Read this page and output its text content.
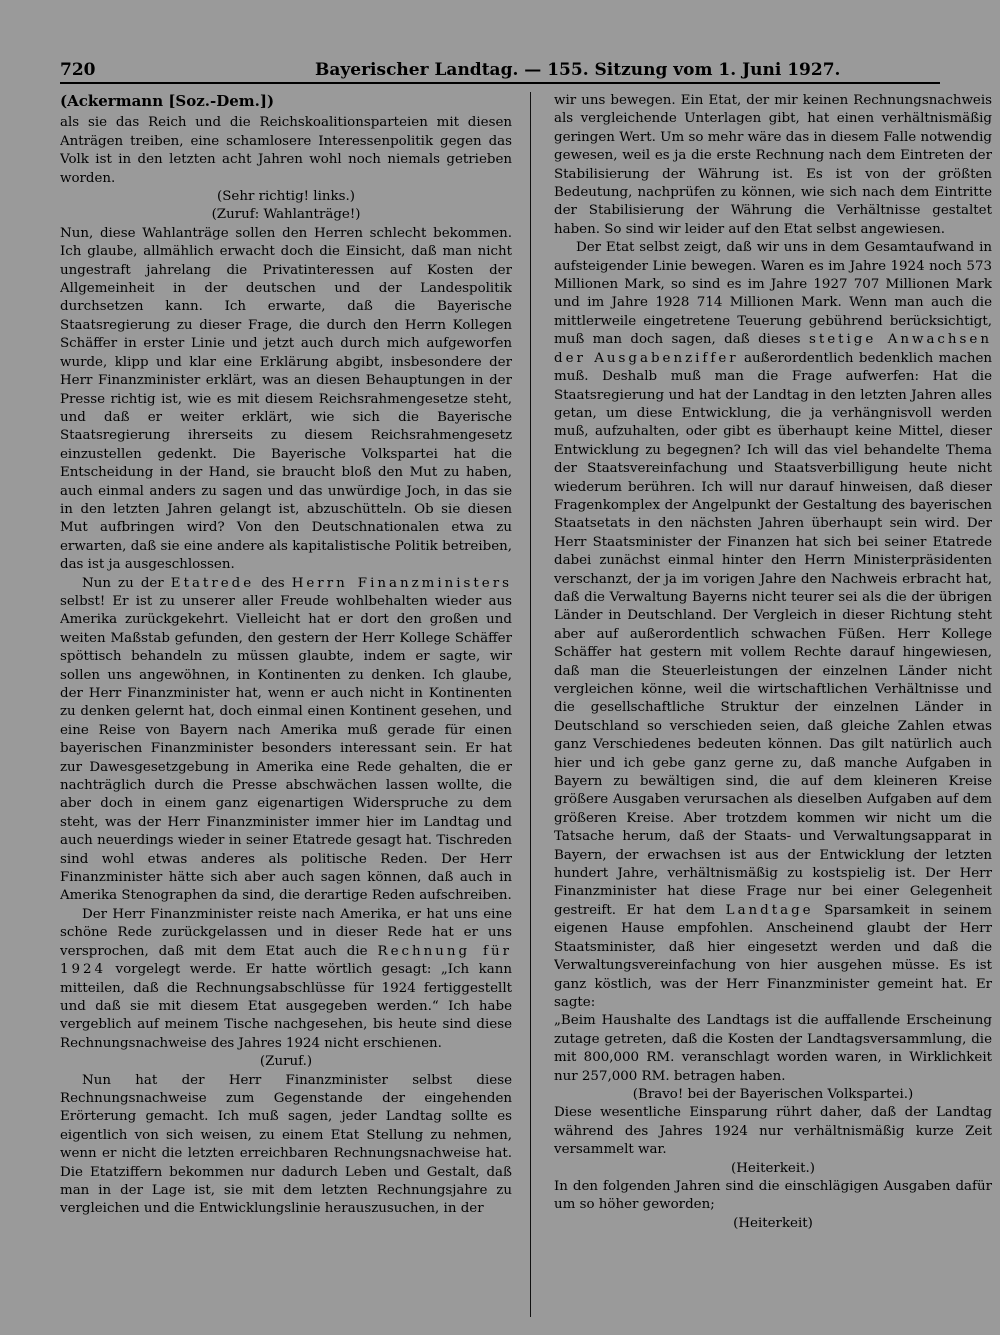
720	Bayerischer Landtag. — 155. Sitzung vom 1. Juni 1927.
(Ackermann [Soz.-Dem.])

als sie das Reich und die Reichskoalitionsparteien mit diesen Anträgen treiben, eine schamlosere Interessenpolitik gegen das Volk ist in den letzten acht Jahren wohl noch niemals getrieben worden.

(Sehr richtig! links.)

(Zuruf: Wahlanträge!)

Nun, diese Wahlanträge sollen den Herren schlecht bekommen. Ich glaube, allmählich erwacht doch die Einsicht, daß man nicht ungestraft jahrelang die Privatinteressen auf Kosten der Allgemeinheit in der deutschen und der Landespolitik durchsetzen kann. Ich erwarte, daß die Bayerische Staatsregierung zu dieser Frage, die durch den Herrn Kollegen Schäffer in erster Linie und jetzt auch durch mich aufgeworfen wurde, klipp und klar eine Erklärung abgibt, insbesondere der Herr Finanzminister erklärt, was an diesen Behauptungen in der Presse richtig ist, wie es mit diesem Reichsrahmengesetze steht, und daß er weiter erklärt, wie sich die Bayerische Staatsregierung ihrerseits zu diesem Reichsrahmengesetz einzustellen gedenkt. Die Bayerische Volkspartei hat die Entscheidung in der Hand, sie braucht bloß den Mut zu haben, auch einmal anders zu sagen und das unwürdige Joch, in das sie in den letzten Jahren gelangt ist, abzuschütteln. Ob sie diesen Mut aufbringen wird? Von den Deutschnationalen etwa zu erwarten, daß sie eine andere als kapitalistische Politik betreiben, das ist ja ausgeschlossen.

Nun zu der Etatrede des Herrn Finanzministers selbst! Er ist zu unserer aller Freude wohlbehalten wieder aus Amerika zurückgekehrt. Vielleicht hat er dort den großen und weiten Maßstab gefunden, den gestern der Herr Kollege Schäffer spöttisch behandeln zu müssen glaubte, indem er sagte, wir sollen uns angewöhnen, in Kontinenten zu denken. Ich glaube, der Herr Finanzminister hat, wenn er auch nicht in Kontinenten zu denken gelernt hat, doch einmal einen Kontinent gesehen, und eine Reise von Bayern nach Amerika muß gerade für einen bayerischen Finanzminister besonders interessant sein. Er hat zur Dawesgesetzgebung in Amerika eine Rede gehalten, die er nachträglich durch die Presse abschwächen lassen wollte, die aber doch in einem ganz eigenartigen Widerspruche zu dem steht, was der Herr Finanzminister immer hier im Landtag und auch neuerdings wieder in seiner Etatrede gesagt hat. Tischreden sind wohl etwas anderes als politische Reden. Der Herr Finanzminister hätte sich aber auch sagen können, daß auch in Amerika Stenographen da sind, die derartige Reden aufschreiben.

Der Herr Finanzminister reiste nach Amerika, er hat uns eine schöne Rede zurückgelassen und in dieser Rede hat er uns versprochen, daß mit dem Etat auch die Rechnung für 1924 vorgelegt werde. Er hatte wörtlich gesagt: „Ich kann mitteilen, daß die Rechnungsabschlüsse für 1924 fertiggestellt und daß sie mit diesem Etat ausgegeben werden.“ Ich habe vergeblich auf meinem Tische nachgesehen, bis heute sind diese Rechnungsnachweise des Jahres 1924 nicht erschienen.

(Zuruf.)

Nun hat der Herr Finanzminister selbst diese Rechnungsnachweise zum Gegenstande der eingehenden Erörterung gemacht. Ich muß sagen, jeder Landtag sollte es eigentlich von sich weisen, zu einem Etat Stellung zu nehmen, wenn er nicht die letzten erreichbaren Rechnungsnachweise hat. Die Etatziffern bekommen nur dadurch Leben und Gestalt, daß man in der Lage ist, sie mit dem letzten Rechnungsjahre zu vergleichen und die Entwicklungslinie herauszusuchen, in der

wir uns bewegen. Ein Etat, der mir keinen Rechnungsnachweis als vergleichende Unterlagen gibt, hat einen verhältnismäßig geringen Wert. Um so mehr wäre das in diesem Falle notwendig gewesen, weil es ja die erste Rechnung nach dem Eintreten der Stabilisierung der Währung ist. Es ist von der größten Bedeutung, nachprüfen zu können, wie sich nach dem Eintritte der Stabilisierung der Währung die Verhältnisse gestaltet haben. So sind wir leider auf den Etat selbst angewiesen.

Der Etat selbst zeigt, daß wir uns in dem Gesamtaufwand in aufsteigender Linie bewegen. Waren es im Jahre 1924 noch 573 Millionen Mark, so sind es im Jahre 1927 707 Millionen Mark und im Jahre 1928 714 Millionen Mark. Wenn man auch die mittlerweile eingetretene Teuerung gebührend berücksichtigt, muß man doch sagen, daß dieses stetige Anwachsen der Ausgabenziffer außerordentlich bedenklich machen muß. Deshalb muß man die Frage aufwerfen: Hat die Staatsregierung und hat der Landtag in den letzten Jahren alles getan, um diese Entwicklung, die ja verhängnisvoll werden muß, aufzuhalten, oder gibt es überhaupt keine Mittel, dieser Entwicklung zu begegnen? Ich will das viel behandelte Thema der Staatsvereinfachung und Staatsverbilligung heute nicht wiederum berühren. Ich will nur darauf hinweisen, daß dieser Fragenkomplex der Angelpunkt der Gestaltung des bayerischen Staatsetats in den nächsten Jahren überhaupt sein wird. Der Herr Staatsminister der Finanzen hat sich bei seiner Etatrede dabei zunächst einmal hinter den Herrn Ministerpräsidenten verschanzt, der ja im vorigen Jahre den Nachweis erbracht hat, daß die Verwaltung Bayerns nicht teurer sei als die der übrigen Länder in Deutschland. Der Vergleich in dieser Richtung steht aber auf außerordentlich schwachen Füßen. Herr Kollege Schäffer hat gestern mit vollem Rechte darauf hingewiesen, daß man die Steuerleistungen der einzelnen Länder nicht vergleichen könne, weil die wirtschaftlichen Verhältnisse und die gesellschaftliche Struktur der einzelnen Länder in Deutschland so verschieden seien, daß gleiche Zahlen etwas ganz Verschiedenes bedeuten können. Das gilt natürlich auch hier und ich gebe ganz gerne zu, daß manche Aufgaben in Bayern zu bewältigen sind, die auf dem kleineren Kreise größere Ausgaben verursachen als dieselben Aufgaben auf dem größeren Kreise. Aber trotzdem kommen wir nicht um die Tatsache herum, daß der Staats- und Verwaltungsapparat in Bayern, der erwachsen ist aus der Entwicklung der letzten hundert Jahre, verhältnismäßig zu kostspielig ist. Der Herr Finanzminister hat diese Frage nur bei einer Gelegenheit gestreift. Er hat dem Landtage Sparsamkeit in seinem eigenen Hause empfohlen. Anscheinend glaubt der Herr Staatsminister, daß hier eingesetzt werden und daß die Verwaltungsvereinfachung von hier ausgehen müsse. Es ist ganz köstlich, was der Herr Finanzminister gemeint hat. Er sagte:

„Beim Haushalte des Landtags ist die auffallende Erscheinung zutage getreten, daß die Kosten der Landtagsversammlung, die mit 800,000 RM. veranschlagt worden waren, in Wirklichkeit nur 257,000 RM. betragen haben.

(Bravo! bei der Bayerischen Volkspartei.)

Diese wesentliche Einsparung rührt daher, daß der Landtag während des Jahres 1924 nur verhältnismäßig kurze Zeit versammelt war.

(Heiterkeit.)

In den folgenden Jahren sind die einschlägigen Ausgaben dafür um so höher geworden;

(Heiterkeit)
